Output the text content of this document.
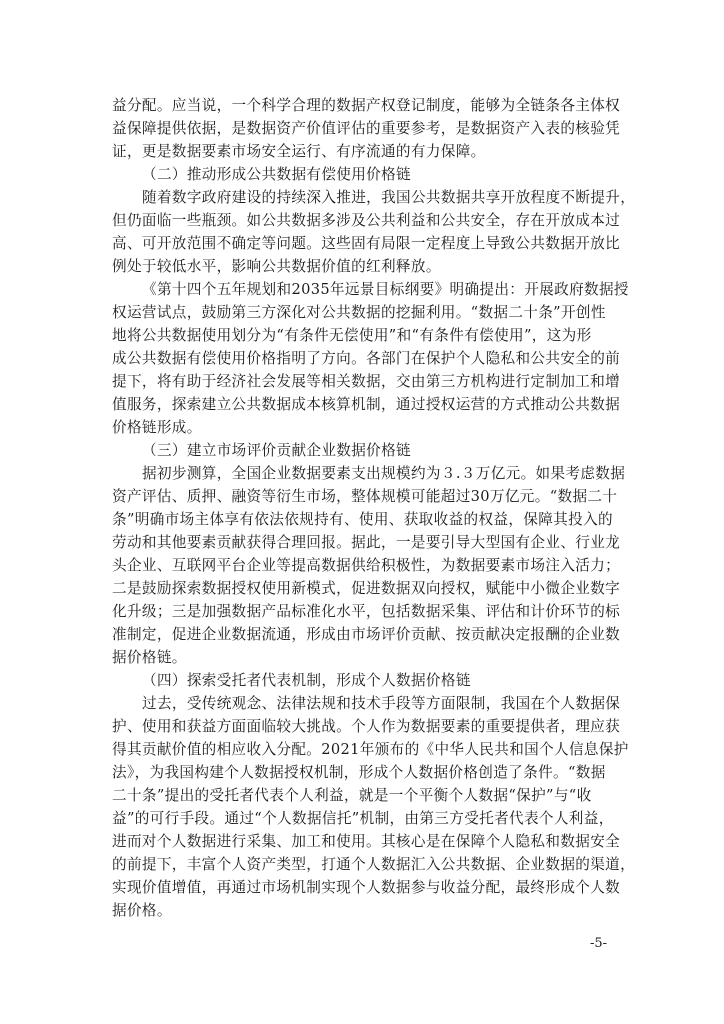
益分配。应当说，一个科学合理的数据产权登记制度，能够为全链条各主体权
益保障提供依据，是数据资产价值评估的重要参考，是数据资产入表的核验凭
证，更是数据要素市场安全运行、有序流通的有力保障。
（二）推动形成公共数据有偿使用价格链
随着数字政府建设的持续深入推进，我国公共数据共享开放程度不断提升，
但仍面临一些瓶颈。如公共数据多涉及公共利益和公共安全，存在开放成本过
高、可开放范围不确定等问题。这些固有局限一定程度上导致公共数据开放比
例处于较低水平，影响公共数据价值的红利释放。
《第十四个五年规划和2035年远景目标纲要》明确提出：开展政府数据授
权运营试点，鼓励第三方深化对公共数据的挖掘利用。“数据二十条”开创性
地将公共数据使用划分为“有条件无偿使用”和“有条件有偿使用”，这为形
成公共数据有偿使用价格指明了方向。各部门在保护个人隐私和公共安全的前
提下，将有助于经济社会发展等相关数据，交由第三方机构进行定制加工和增
值服务，探索建立公共数据成本核算机制，通过授权运营的方式推动公共数据
价格链形成。
（三）建立市场评价贡献企业数据价格链
据初步测算，全国企业数据要素支出规模约为３.３万亿元。如果考虑数据
资产评估、质押、融资等衍生市场，整体规模可能超过30万亿元。“数据二十
条”明确市场主体享有依法依规持有、使用、获取收益的权益，保障其投入的
劳动和其他要素贡献获得合理回报。据此，一是要引导大型国有企业、行业龙
头企业、互联网平台企业等提高数据供给积极性，为数据要素市场注入活力；
二是鼓励探索数据授权使用新模式，促进数据双向授权，赋能中小微企业数字
化升级；三是加强数据产品标准化水平，包括数据采集、评估和计价环节的标
准制定，促进企业数据流通，形成由市场评价贡献、按贡献决定报酬的企业数
据价格链。
（四）探索受托者代表机制，形成个人数据价格链
过去，受传统观念、法律法规和技术手段等方面限制，我国在个人数据保
护、使用和获益方面面临较大挑战。个人作为数据要素的重要提供者，理应获
得其贡献价值的相应收入分配。2021年颁布的《中华人民共和国个人信息保护
法》，为我国构建个人数据授权机制，形成个人数据价格创造了条件。“数据
二十条”提出的受托者代表个人利益，就是一个平衡个人数据“保护”与“收
益”的可行手段。通过“个人数据信托”机制，由第三方受托者代表个人利益，
进而对个人数据进行采集、加工和使用。其核心是在保障个人隐私和数据安全
的前提下，丰富个人资产类型，打通个人数据汇入公共数据、企业数据的渠道，
实现价值增值，再通过市场机制实现个人数据参与收益分配，最终形成个人数
据价格。
-5-
